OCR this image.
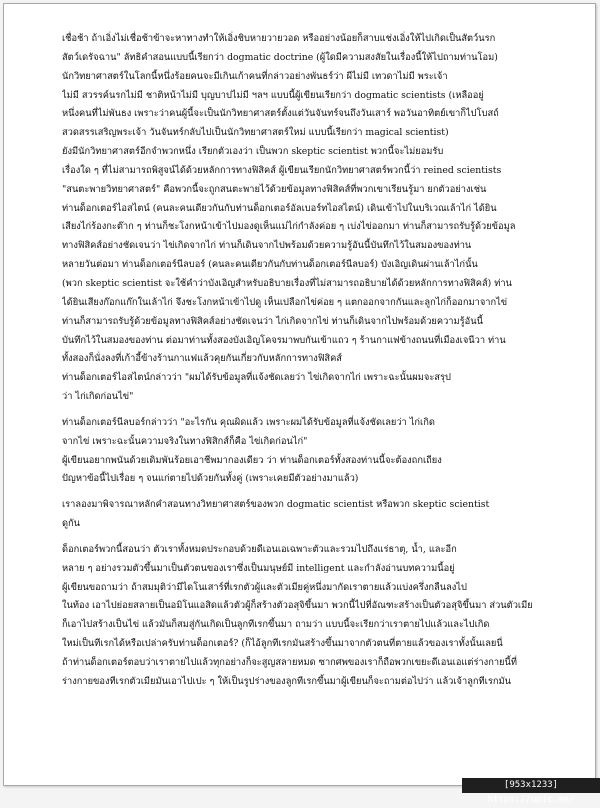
เชื่อช้า ถ้าเอิ่งไม่เชื่อช้าข้าจะหาทางทำให้เอิ่งชิบหายวายวอด หรืออย่างน้อยก็สาบแช่งเอิ่งให้ไปเกิดเป็นสัตว์นรก
สัตว์เดรัจฉาน" ลัทธิคำสอนแบบนี้เรียกว่า dogmatic doctrine (ผู้ใดมีความสงสัยในเรื่องนี้ให้ไปถามท่านโอม)
นักวิทยาศาสตร์ในโลกนี้หนึ่งร้อยคนจะมีเกินเก้าคนที่กล่าวอย่างพันธร์ว่า ผีไม่มี เทวดาไม่มี พระเจ้า
ไม่มี สวรรค์นรกไม่มี ชาติหน้าไม่มี บุญบาปไม่มี ฯลฯ แบบนี้ผู้เขียนเรียกว่า dogmatic scientists (เหลืออยู่
หนึ่งคนที่ไม่พันธง เพราะว่าคนผู้นี้จะเป็นนักวิทยาศาสตร์ตั้งแต่วันจันทร์จนถึงวันเสาร์ พอวันอาทิตย์เขาก็ไปโบสถ์
สวดสรรเสริญพระเจ้า วันจันทร์กลับไปเป็นนักวิทยาศาสตร์ใหม่ แบบนี้เรียกว่า magical scientist)
ยังมีนักวิทยาศาสตร์อีกจำพวกหนึ่ง เรียกตัวเองว่า เป็นพวก skeptic scientist พวกนี้จะไม่ยอมรับ
เรื่องใด ๆ ที่ไม่สามารถพิสูจน์ได้ด้วยหลักการทางฟิสิคส์ ผู้เขียนเรียกนักวิทยาศาสตร์พวกนี้ว่า reined scientists
"สนตะพายวิทยาศาสตร์" คือพวกนี้จะถูกสนตะพายไว้ด้วยข้อมูลทางฟิสิคส์ที่พวกเขาเรียนรู้มา ยกตัวอย่างเช่น
ท่านด็อกเตอร์ไอสไตน์ (คนละคนเดียวกันกับท่านด็อกเตอร์อัลเบอร์ทไอสไตน์) เดินเข้าไปในบริเวณเล้าไก่ ได้ยิน
เสียงไก่ร้องกะต๊าก ๆ ท่านก็ชะโงกหน้าเข้าไปมองดูเห็นแม่ไก่กำลังค่อย ๆ เบ่งไข่ออกมา ท่านก็สามารถรับรู้ด้วยข้อมูล
ทางฟิสิคส์อย่างชัดเจนว่า ไข่เกิดจากไก่ ท่านก็เดินจากไปพร้อมด้วยความรู้อันนี้บันทึกไว้ในสมองของท่าน
หลายวันต่อมา ท่านด็อกเตอร์นีลบอร์ (คนละคนเดียวกันกับท่านด็อกเตอร์นีลบอร์) บังเอิญเดินผ่านเล้าไก่นั้น
(พวก skeptic scientist จะใช้คำว่าบังเอิญสำหรับอธิบายเรื่องที่ไม่สามารถอธิบายได้ด้วยหลักการทางฟิสิคส์) ท่าน
ได้ยินเสียงก๊อกแก๊กในเล้าไก่ จึงชะโงกหน้าเข้าไปดู เห็นเปลือกไข่ค่อย ๆ แตกออกจากกันและลูกไก่ก็ออกมาจากไข่
ท่านก็สามารถรับรู้ด้วยข้อมูลทางฟิสิคส์อย่างชัดเจนว่า ไก่เกิดจากไข่ ท่านก็เดินจากไปพร้อมด้วยความรู้อันนี้
บันทึกไว้ในสมองของท่าน ต่อมาท่านทั้งสองบังเอิญโคจรมาพบกันเข้าแถว ๆ ร้านกาแฟข้างถนนที่เมืองเจนีวา ท่าน
ทั้งสองก็นั่งลงที่เก้าอี้ข้างร้านกาแฟแล้วคุยกันเกี่ยวกับหลักการทางฟิสิคส์
ท่านด็อกเตอร์ไอสไตน์กล่าวว่า "ผมได้รับข้อมูลที่แจ้งชัดเลยว่า ไข่เกิดจากไก่ เพราะฉะนั้นผมจะสรุป
ว่า ไก่เกิดก่อนไข่"
ท่านด็อกเตอร์นีลบอร์กล่าวว่า "อะไรกัน คุณผิดแล้ว เพราะผมได้รับข้อมูลที่แจ้งชัดเลยว่า ไก่เกิด
จากไข่ เพราะฉะนั้นความจริงในทางฟิสิกส์ก็คือ ไข่เกิดก่อนไก่"
ผู้เขียนอยากพนันด้วยเดิมพันร้อยเอาชีพมากองเดียว ว่า ท่านด็อกเตอร์ทั้งสองท่านนี้จะต้องถกเถียง
ปัญหาข้อนี้ไปเรื่อย ๆ จนแก่ตายไปด้วยกันทั้งคู่ (เพราะเคยมีตัวอย่างมาแล้ว)
เราลองมาพิจารณาหลักคำสอนทางวิทยาศาสตร์ของพวก dogmatic scientist หรือพวก skeptic scientist
ดูกัน
ด็อกเตอร์พวกนี้สอนว่า ตัวเราทั้งหมดประกอบด้วยดีเอนเอเฉพาะตัวและรวมไปถึงแร่ธาตุ, น้ำ, และอีก
หลาย ๆ อย่างรวมตัวขึ้นมาเป็นตัวตนของเราซึ่งเป็นมนุษย์มี intelligent และกำลังอ่านบทความนี้อยู่
ผู้เขียนขอถามว่า ถ้าสมมุติว่ามีไดโนเสาร์ที่เรกตัวผู้และตัวเมียคู่หนึ่งมากัดเราตายแล้วแบ่งครึ่งกลืนลงไป
ในท้อง เอาไปย่อยสลายเป็นอมิโนแอสิดแล้วตัวผู้ก็สร้างตัวอสุจิขึ้นมา พวกนี้ไปที่อัณฑะสร้างเป็นตัวอสุจิขึ้นมา ส่วนตัวเมีย
ก็เอาไปสร้างเป็นไข่ แล้วมันก็สมสู่กันเกิดเป็นลูกทีเรกขึ้นมา ถามว่า แบบนี้จะเรียกว่าเราตายไปแล้วและไปเกิด
ใหม่เป็นทีเรกได้หรือเปล่าครับท่านด็อกเตอร์? (ก็ไอ้ลูกทีเรกมันสร้างขึ้นมาจากตัวตนที่ตายแล้วของเราทั้งนั้นเลยนี่
ถ้าท่านด็อกเตอร์ตอบว่าเราตายไปแล้วทุกอย่างก็จะสูญสลายหมด ซากศพของเราก็ถือพวกเขยะดีเอนเอแต่ร่างกายนี้ที่
ร่างกายของทีเรกตัวเมียมันเอาไปเปะ ๆ ให้เป็นรูปร่างของลูกทีเรกขึ้นมาผู้เขียนก็จะถามต่อไปว่า แล้วเจ้าลูกทีเรกมัน
[953x1233] https://upic.me/
